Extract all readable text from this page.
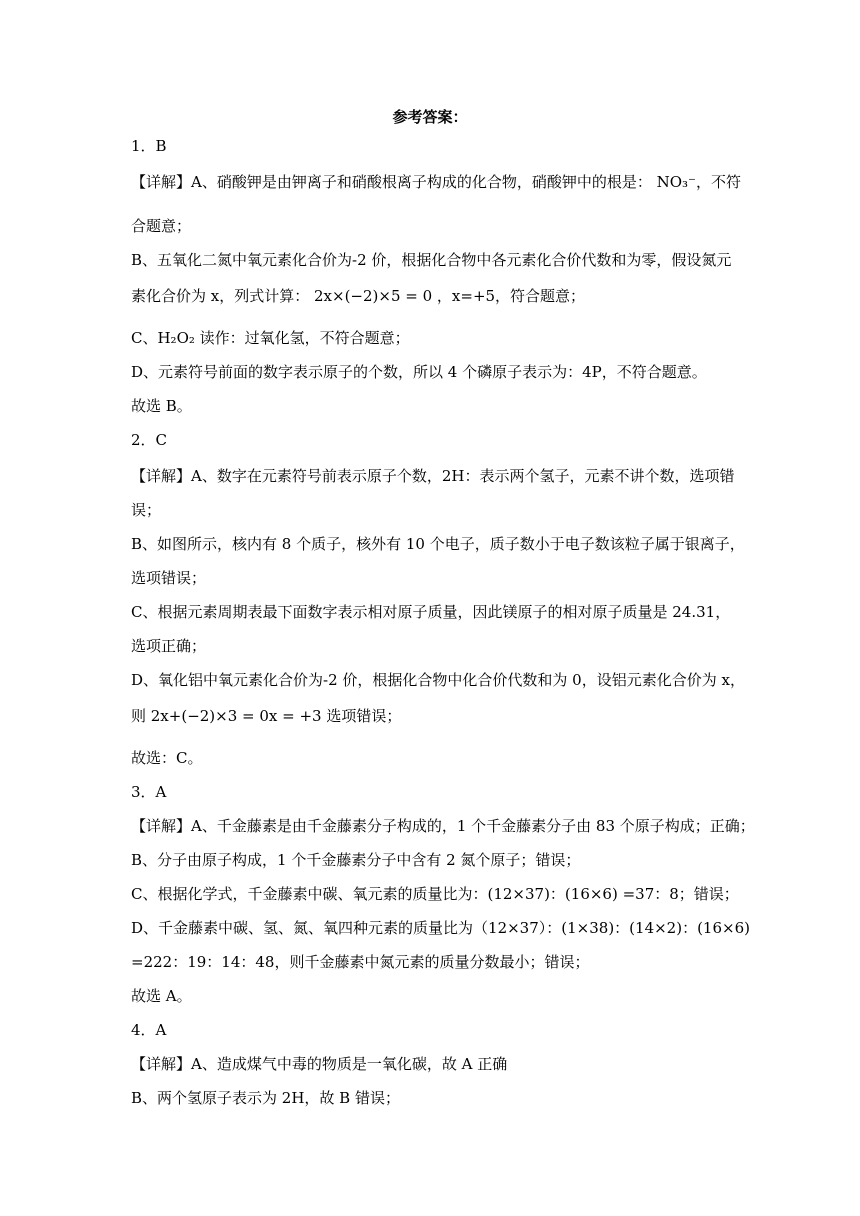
参考答案：
1．B
【详解】A、硝酸钾是由钾离子和硝酸根离子构成的化合物，硝酸钾中的根是： NO₃⁻，不符
合题意；
B、五氧化二氮中氧元素化合价为-2 价，根据化合物中各元素化合价代数和为零，假设氮元
素化合价为 x，列式计算： 2x×(−2)×5 = 0 ，x=+5，符合题意；
C、H₂O₂ 读作：过氧化氢，不符合题意；
D、元素符号前面的数字表示原子的个数，所以 4 个磷原子表示为：4P，不符合题意。
故选 B。
2．C
【详解】A、数字在元素符号前表示原子个数，2H：表示两个氢子，元素不讲个数，选项错
误；
B、如图所示，核内有 8 个质子，核外有 10 个电子，质子数小于电子数该粒子属于银离子，
选项错误；
C、根据元素周期表最下面数字表示相对原子质量，因此镁原子的相对原子质量是 24.31，
选项正确；
D、氧化铝中氧元素化合价为-2 价，根据化合物中化合价代数和为 0，设铝元素化合价为 x，
则 2x+(−2)×3 = 0x = +3 选项错误；
故选：C。
3．A
【详解】A、千金藤素是由千金藤素分子构成的，1 个千金藤素分子由 83 个原子构成；正确；
B、分子由原子构成，1 个千金藤素分子中含有 2 氮个原子；错误；
C、根据化学式，千金藤素中碳、氧元素的质量比为：(12×37)：(16×6) =37：8；错误；
D、千金藤素中碳、氢、氮、氧四种元素的质量比为（12×37）：(1×38)：(14×2)：(16×6)
=222：19：14：48，则千金藤素中氮元素的质量分数最小；错误；
故选 A。
4．A
【详解】A、造成煤气中毒的物质是一氧化碳，故 A 正确
B、两个氢原子表示为 2H，故 B 错误；
